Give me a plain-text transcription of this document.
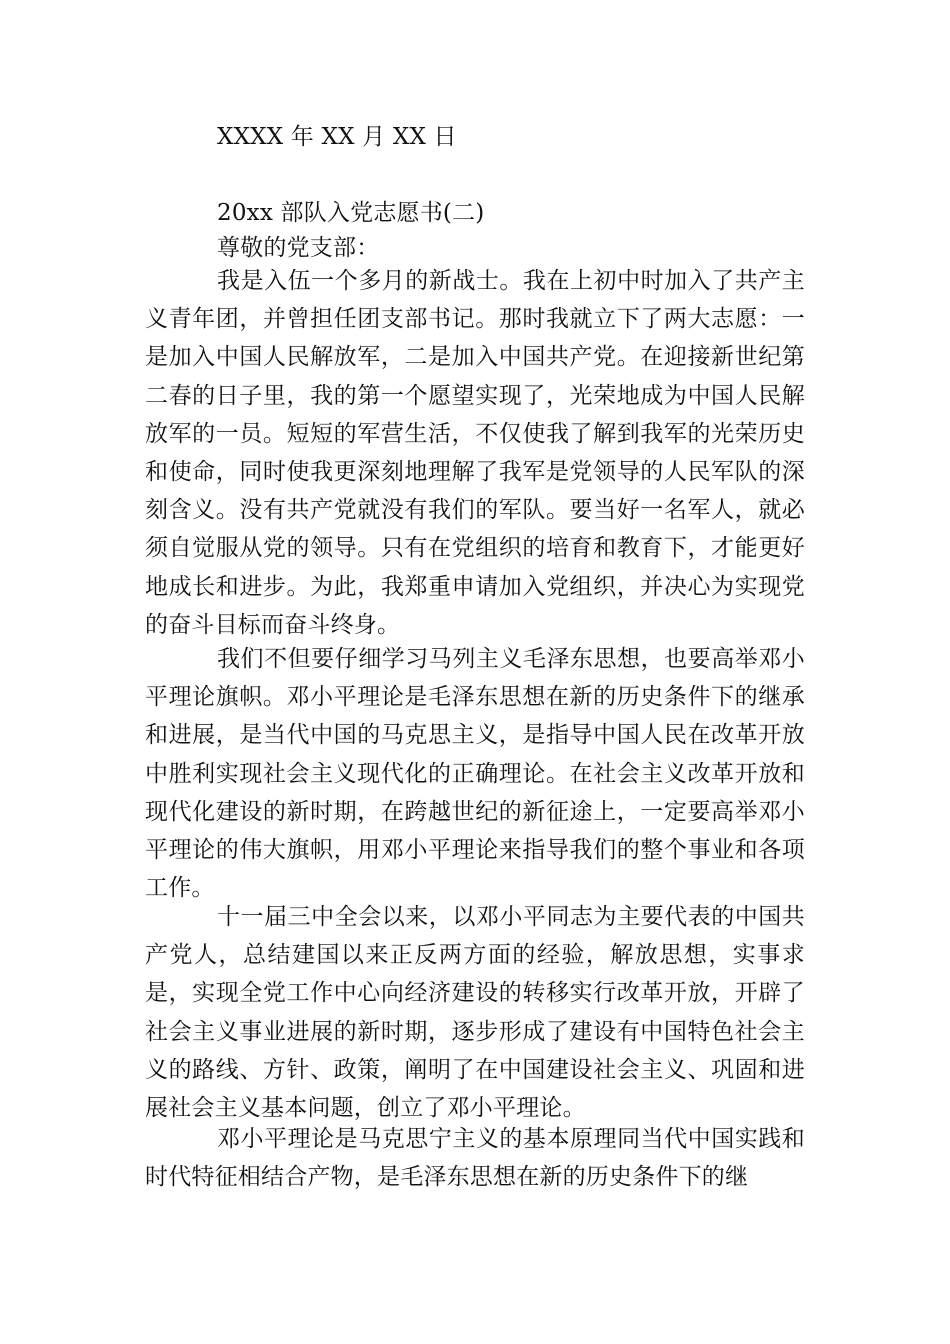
XXXX 年 XX 月 XX 日
20xx 部队入党志愿书(二)
尊敬的党支部：

我是入伍一个多月的新战士。我在上初中时加入了共产主义青年团，并曾担任团支部书记。那时我就立下了两大志愿：一是加入中国人民解放军，二是加入中国共产党。在迎接新世纪第二春的日子里，我的第一个愿望实现了，光荣地成为中国人民解放军的一员。短短的军营生活，不仅使我了解到我军的光荣历史和使命，同时使我更深刻地理解了我军是党领导的人民军队的深刻含义。没有共产党就没有我们的军队。要当好一名军人，就必须自觉服从党的领导。只有在党组织的培育和教育下，才能更好地成长和进步。为此，我郑重申请加入党组织，并决心为实现党的奋斗目标而奋斗终身。

我们不但要仔细学习马列主义毛泽东思想，也要高举邓小平理论旗帜。邓小平理论是毛泽东思想在新的历史条件下的继承和进展，是当代中国的马克思主义，是指导中国人民在改革开放中胜利实现社会主义现代化的正确理论。在社会主义改革开放和现代化建设的新时期，在跨越世纪的新征途上，一定要高举邓小平理论的伟大旗帜，用邓小平理论来指导我们的整个事业和各项工作。

十一届三中全会以来，以邓小平同志为主要代表的中国共产党人，总结建国以来正反两方面的经验，解放思想，实事求是，实现全党工作中心向经济建设的转移实行改革开放，开辟了社会主义事业进展的新时期，逐步形成了建设有中国特色社会主义的路线、方针、政策，阐明了在中国建设社会主义、巩固和进展社会主义基本问题，创立了邓小平理论。

邓小平理论是马克思宁主义的基本原理同当代中国实践和时代特征相结合产物，是毛泽东思想在新的历史条件下的继
